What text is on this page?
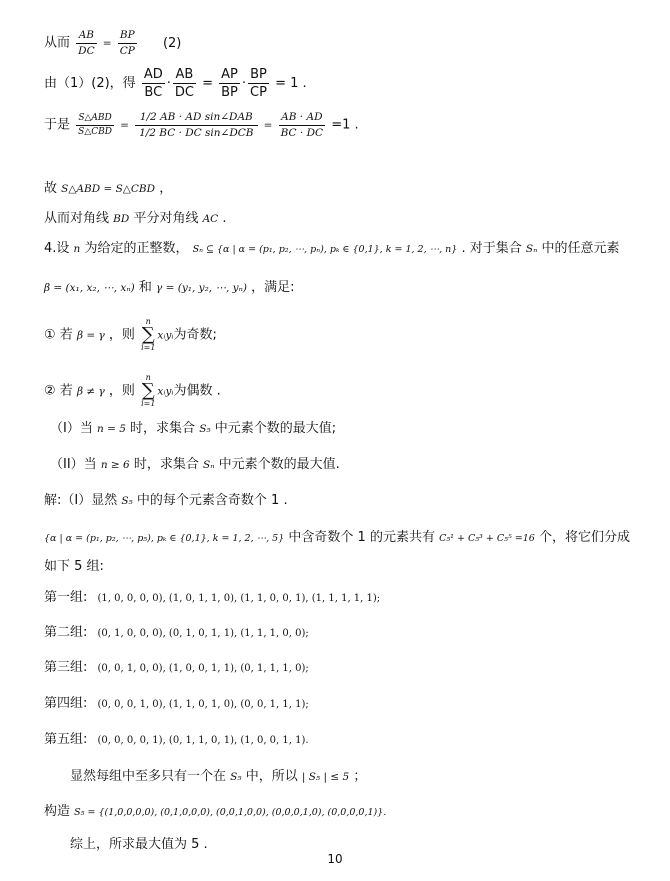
从而 $\frac{AB}{DC} = \frac{BP}{CP} (2)$
由（1）(2)，得 $\frac{AD}{BC} \cdot \frac{AB}{DC} = \frac{AP}{BP} \cdot \frac{BP}{CP} = 1$ .
于是 $\frac{\text{S△ABD}}{\text{S△CBD}} = \frac{\text{1/2 AB · AD sin∠DAB}}{\text{1/2 BC · DC sin∠DCB}} = \frac{AB \cdot AD}{BC \cdot DC} =1$ .
故 S△ABD = S△CBD ，
从而对角线 BD 平分对角线 AC .
4.设 n 为给定的正整数， Sₙ ⊆ {α | α = (p₁, p₂, ⋯, pₙ), pₖ ∈ {0,1}, k = 1, 2, ⋯, n} . 对于集合 Sₙ 中的任意元素
β = (x₁, x₂, ⋯, xₙ) 和 γ = (y₁, y₂, ⋯, yₙ) ，满足:
① 若 β = γ ，则 n
∑
i=1xᵢyᵢ为奇数;
② 若 β ≠ γ ，则 n
∑
i=1xᵢyᵢ为偶数 .
（I）当 n = 5 时，求集合 S₅ 中元素个数的最大值;
（II）当 n ≥ 6 时，求集合 Sₙ 中元素个数的最大值.
解:（I）显然 S₅ 中的每个元素含奇数个 1 .
{α | α = (p₁, p₂, ⋯, p₅), pₖ ∈ {0,1}, k = 1, 2, ⋯, 5} 中含奇数个 1 的元素共有 C₅¹ + C₅³ + C₅⁵ =16 个，将它们分成
如下 5 组:
第一组: (1, 0, 0, 0, 0), (1, 0, 1, 1, 0), (1, 1, 0, 0, 1), (1, 1, 1, 1, 1);
第二组: (0, 1, 0, 0, 0), (0, 1, 0, 1, 1), (1, 1, 1, 0, 0);
第三组: (0, 0, 1, 0, 0), (1, 0, 0, 1, 1), (0, 1, 1, 1, 0);
第四组: (0, 0, 0, 1, 0), (1, 1, 0, 1, 0), (0, 0, 1, 1, 1);
第五组: (0, 0, 0, 0, 1), (0, 1, 1, 0, 1), (1, 0, 0, 1, 1).
显然每组中至多只有一个在 S₅ 中，所以 | S₅ | ≤ 5 ；
构造 S₅ = {(1,0,0,0,0), (0,1,0,0,0), (0,0,1,0,0), (0,0,0,1,0), (0,0,0,0,1)}.
综上，所求最大值为 5 .
10
